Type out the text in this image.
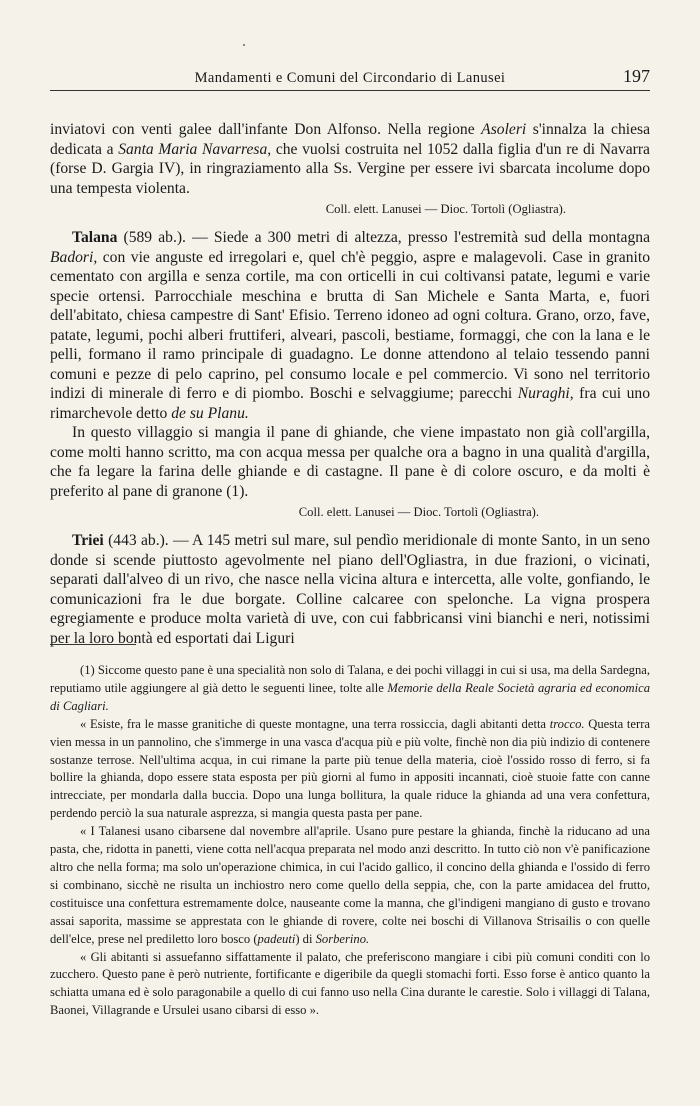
Mandamenti e Comuni del Circondario di Lanusei	197

inviatovi con venti galee dall'infante Don Alfonso. Nella regione Asoleri s'innalza la chiesa dedicata a Santa Maria Navarresa, che vuolsi costruita nel 1052 dalla figlia d'un re di Navarra (forse D. Gargia IV), in ringraziamento alla Ss. Vergine per essere ivi sbarcata incolume dopo una tempesta violenta.

Coll. elett. Lanusei — Dioc. Tortolì (Ogliastra).

Talana (589 ab.). — Siede a 300 metri di altezza, presso l'estremità sud della montagna Badori, con vie anguste ed irregolari e, quel ch'è peggio, aspre e malagevoli. Case in granito cementato con argilla e senza cortile, ma con orticelli in cui coltivansi patate, legumi e varie specie ortensi. Parrocchiale meschina e brutta di San Michele e Santa Marta, e, fuori dell'abitato, chiesa campestre di Sant' Efisio. Terreno idoneo ad ogni coltura. Grano, orzo, fave, patate, legumi, pochi alberi fruttiferi, alveari, pascoli, bestiame, formaggi, che con la lana e le pelli, formano il ramo principale di guadagno. Le donne attendono al telaio tessendo panni comuni e pezze di pelo caprino, pel consumo locale e pel commercio. Vi sono nel territorio indizi di minerale di ferro e di piombo. Boschi e selvaggiume; parecchi Nuraghi, fra cui uno rimarchevole detto de su Planu.

In questo villaggio si mangia il pane di ghiande, che viene impastato non già coll'argilla, come molti hanno scritto, ma con acqua messa per qualche ora a bagno in una qualità d'argilla, che fa legare la farina delle ghiande e di castagne. Il pane è di colore oscuro, e da molti è preferito al pane di granone (1).

Coll. elett. Lanusei — Dioc. Tortolì (Ogliastra).

Triei (443 ab.). — A 145 metri sul mare, sul pendìo meridionale di monte Santo, in un seno donde si scende piuttosto agevolmente nel piano dell'Ogliastra, in due frazioni, o vicinati, separati dall'alveo di un rivo, che nasce nella vicina altura e intercetta, alle volte, gonfiando, le comunicazioni fra le due borgate. Colline calcaree con spelonche. La vigna prospera egregiamente e produce molta varietà di uve, con cui fabbricansi vini bianchi e neri, notissimi per la loro bontà ed esportati dai Liguri

(1) Siccome questo pane è una specialità non solo di Talana, e dei pochi villaggi in cui si usa, ma della Sardegna, reputiamo utile aggiungere al già detto le seguenti linee, tolte alle Memorie della Reale Società agraria ed economica di Cagliari.

« Esiste, fra le masse granitiche di queste montagne, una terra rossiccia, dagli abitanti detta trocco. Questa terra vien messa in un pannolino, che s'immerge in una vasca d'acqua più e più volte, finchè non dia più indizio di contenere sostanze terrose. Nell'ultima acqua, in cui rimane la parte più tenue della materia, cioè l'ossido rosso di ferro, si fa bollire la ghianda, dopo essere stata esposta per più giorni al fumo in appositi incannati, cioè stuoie fatte con canne intrecciate, per mondarla dalla buccia. Dopo una lunga bollitura, la quale riduce la ghianda ad una vera confettura, perdendo perciò la sua naturale asprezza, si mangia questa pasta per pane.

« I Talanesi usano cibarsene dal novembre all'aprile. Usano pure pestare la ghianda, finchè la riducano ad una pasta, che, ridotta in panetti, viene cotta nell'acqua preparata nel modo anzi descritto. In tutto ciò non v'è panificazione altro che nella forma; ma solo un'operazione chimica, in cui l'acido gallico, il concino della ghianda e l'ossido di ferro si combinano, sicchè ne risulta un inchiostro nero come quello della seppia, che, con la parte amidacea del frutto, costituisce una confettura estremamente dolce, nauseante come la manna, che gl'indigeni mangiano di gusto e trovano assai saporita, massime se apprestata con le ghiande di rovere, colte nei boschi di Villanova Strisailis o con quelle dell'elce, prese nel prediletto loro bosco (padeuti) di Sorberino.

« Gli abitanti si assuefanno siffattamente il palato, che preferiscono mangiare i cibi più comuni conditi con lo zucchero. Questo pane è però nutriente, fortificante e digeribile da quegli stomachi forti. Esso forse è antico quanto la schiatta umana ed è solo paragonabile a quello di cui fanno uso nella Cina durante le carestie. Solo i villaggi di Talana, Baonei, Villagrande e Ursulei usano cibarsi di esso ».
